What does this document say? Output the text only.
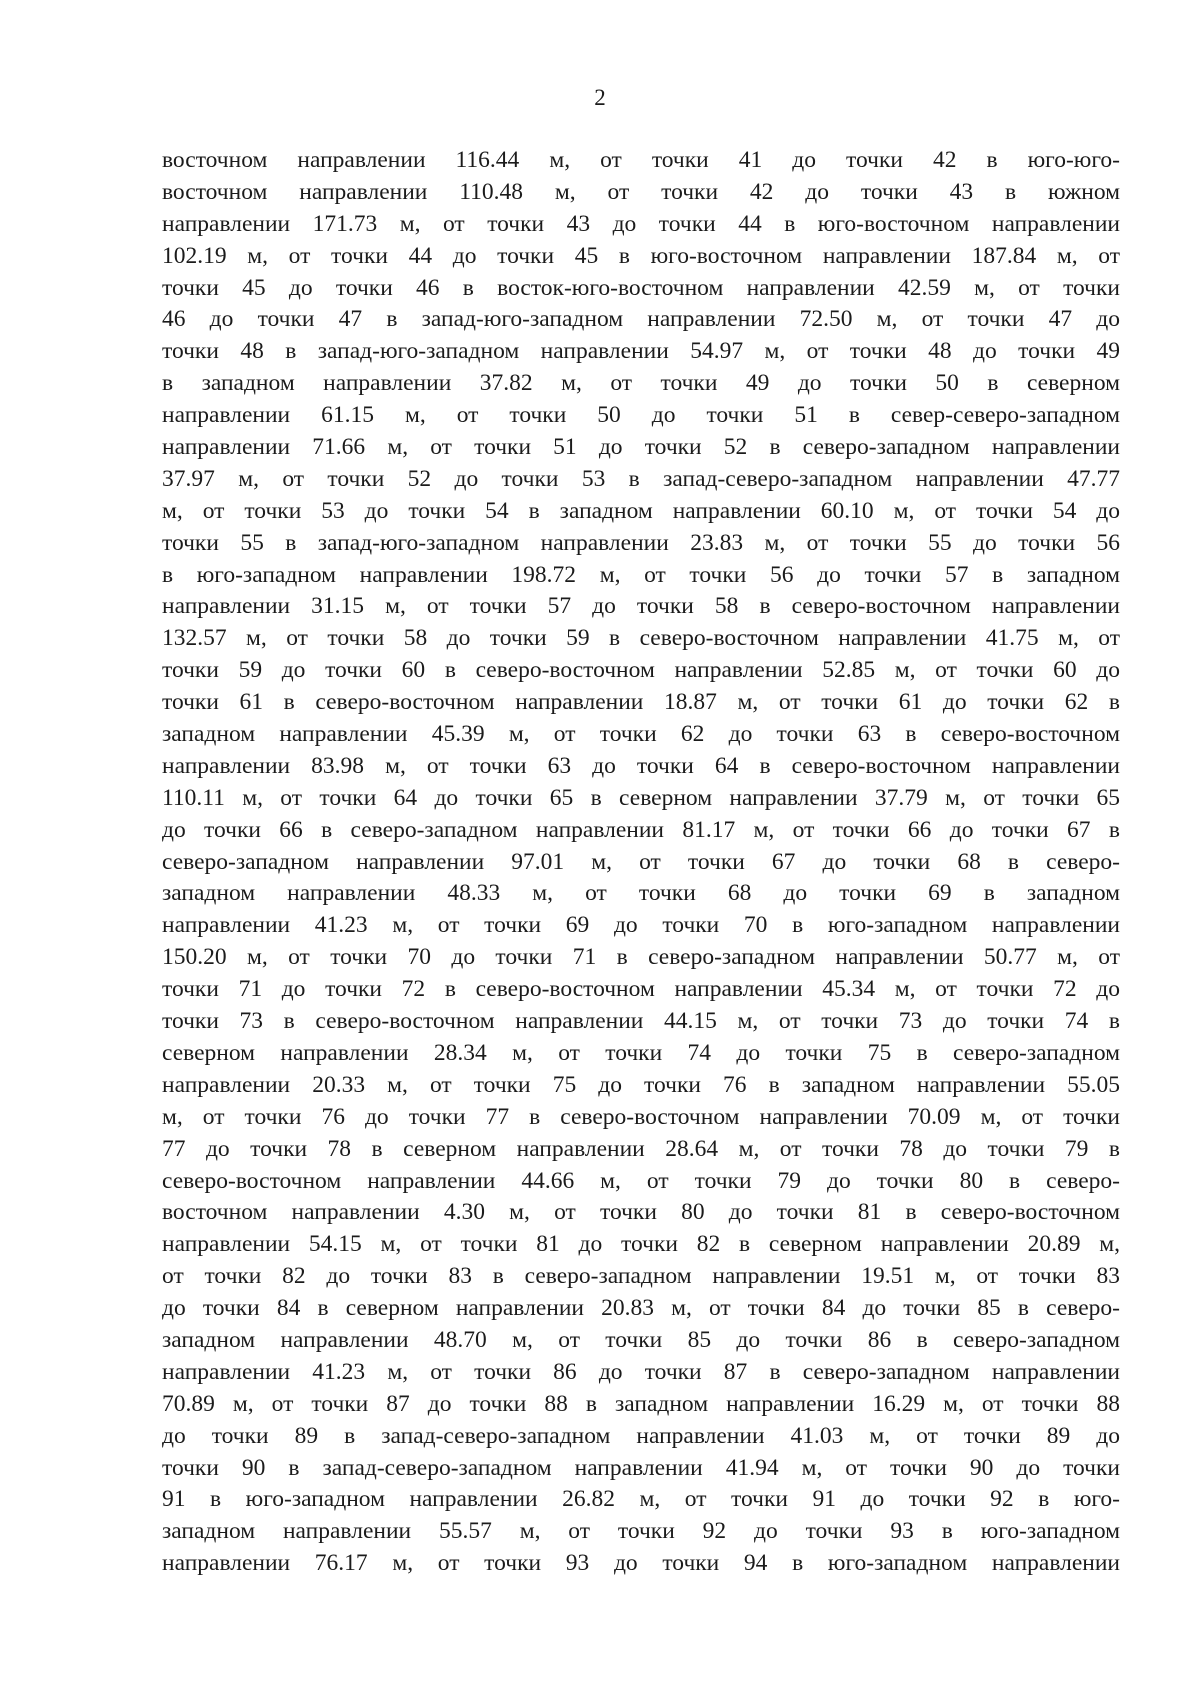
2
восточном направлении 116.44 м, от точки 41 до точки 42 в юго-юго-
восточном направлении 110.48 м, от точки 42 до точки 43 в южном
направлении 171.73 м, от точки 43 до точки 44 в юго-восточном направлении
102.19 м, от точки 44 до точки 45 в юго-восточном направлении 187.84 м, от
точки 45 до точки 46 в восток-юго-восточном направлении 42.59 м, от точки
46 до точки 47 в запад-юго-западном направлении 72.50 м, от точки 47 до
точки 48 в запад-юго-западном направлении 54.97 м, от точки 48 до точки 49
в западном направлении 37.82 м, от точки 49 до точки 50 в северном
направлении 61.15 м, от точки 50 до точки 51 в север-северо-западном
направлении 71.66 м, от точки 51 до точки 52 в северо-западном направлении
37.97 м, от точки 52 до точки 53 в запад-северо-западном направлении 47.77
м, от точки 53 до точки 54 в западном направлении 60.10 м, от точки 54 до
точки 55 в запад-юго-западном направлении 23.83 м, от точки 55 до точки 56
в юго-западном направлении 198.72 м, от точки 56 до точки 57 в западном
направлении 31.15 м, от точки 57 до точки 58 в северо-восточном направлении
132.57 м, от точки 58 до точки 59 в северо-восточном направлении 41.75 м, от
точки 59 до точки 60 в северо-восточном направлении 52.85 м, от точки 60 до
точки 61 в северо-восточном направлении 18.87 м, от точки 61 до точки 62 в
западном направлении 45.39 м, от точки 62 до точки 63 в северо-восточном
направлении 83.98 м, от точки 63 до точки 64 в северо-восточном направлении
110.11 м, от точки 64 до точки 65 в северном направлении 37.79 м, от точки 65
до точки 66 в северо-западном направлении 81.17 м, от точки 66 до точки 67 в
северо-западном направлении 97.01 м, от точки 67 до точки 68 в северо-
западном направлении 48.33 м, от точки 68 до точки 69 в западном
направлении 41.23 м, от точки 69 до точки 70 в юго-западном направлении
150.20 м, от точки 70 до точки 71 в северо-западном направлении 50.77 м, от
точки 71 до точки 72 в северо-восточном направлении 45.34 м, от точки 72 до
точки 73 в северо-восточном направлении 44.15 м, от точки 73 до точки 74 в
северном направлении 28.34 м, от точки 74 до точки 75 в северо-западном
направлении 20.33 м, от точки 75 до точки 76 в западном направлении 55.05
м, от точки 76 до точки 77 в северо-восточном направлении 70.09 м, от точки
77 до точки 78 в северном направлении 28.64 м, от точки 78 до точки 79 в
северо-восточном направлении 44.66 м, от точки 79 до точки 80 в северо-
восточном направлении 4.30 м, от точки 80 до точки 81 в северо-восточном
направлении 54.15 м, от точки 81 до точки 82 в северном направлении 20.89 м,
от точки 82 до точки 83 в северо-западном направлении 19.51 м, от точки 83
до точки 84 в северном направлении 20.83 м, от точки 84 до точки 85 в северо-
западном направлении 48.70 м, от точки 85 до точки 86 в северо-западном
направлении 41.23 м, от точки 86 до точки 87 в северо-западном направлении
70.89 м, от точки 87 до точки 88 в западном направлении 16.29 м, от точки 88
до точки 89 в запад-северо-западном направлении 41.03 м, от точки 89 до
точки 90 в запад-северо-западном направлении 41.94 м, от точки 90 до точки
91 в юго-западном направлении 26.82 м, от точки 91 до точки 92 в юго-
западном направлении 55.57 м, от точки 92 до точки 93 в юго-западном
направлении 76.17 м, от точки 93 до точки 94 в юго-западном направлении
